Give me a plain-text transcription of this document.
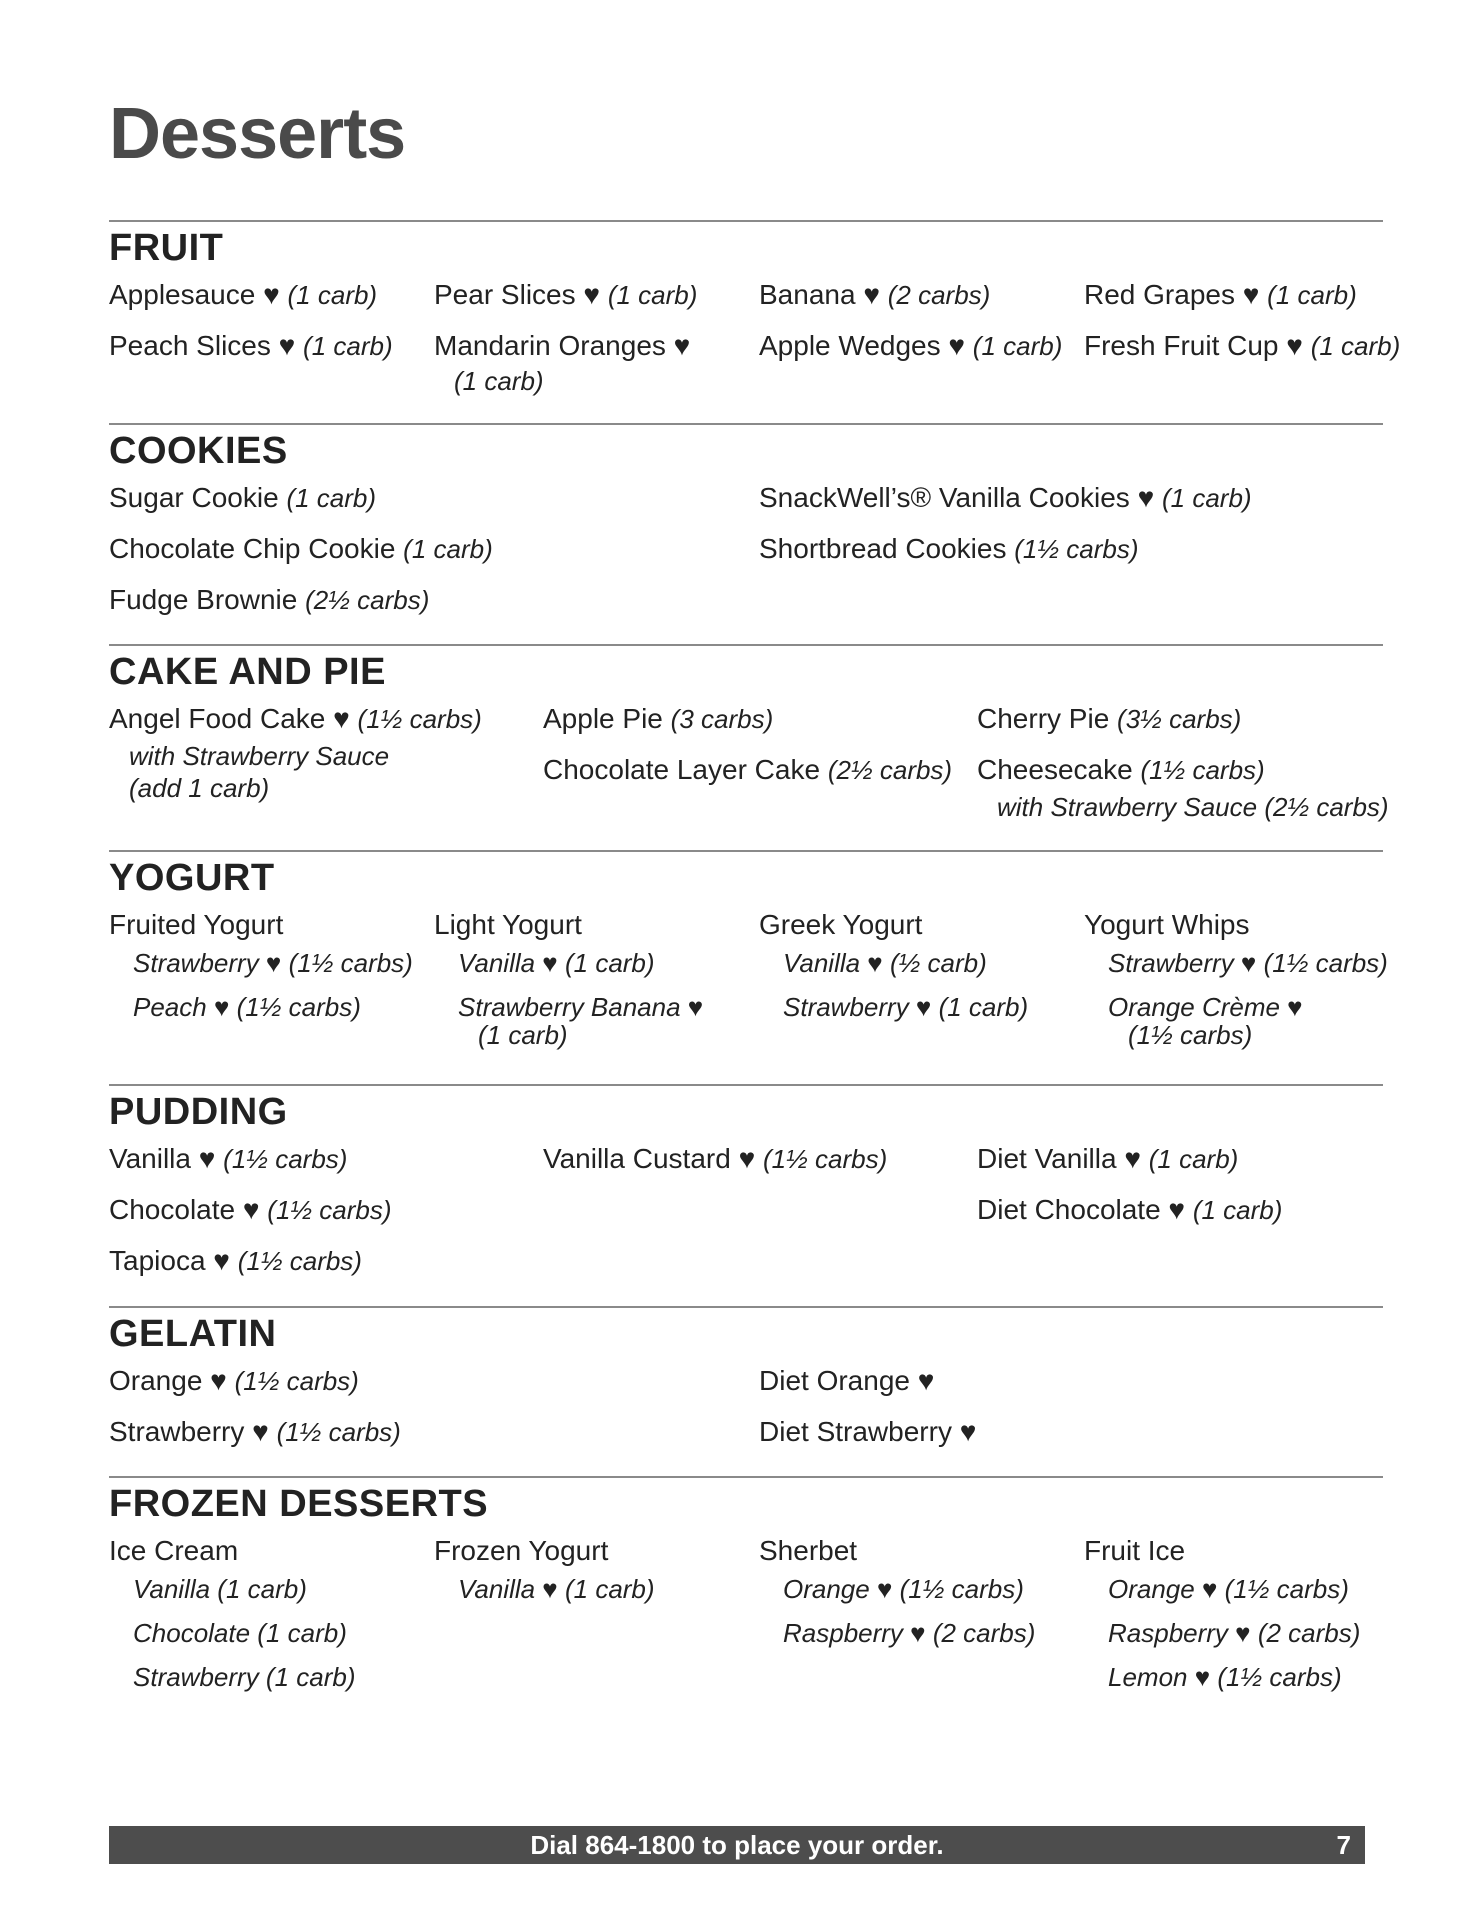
Desserts
FRUIT
Applesauce ♥ (1 carb)
Peach Slices ♥ (1 carb)
Pear Slices ♥ (1 carb)
Mandarin Oranges ♥
(1 carb)
Banana ♥ (2 carbs)
Apple Wedges ♥ (1 carb)
Red Grapes ♥ (1 carb)
Fresh Fruit Cup ♥ (1 carb)
COOKIES
Sugar Cookie (1 carb)
Chocolate Chip Cookie (1 carb)
Fudge Brownie (2½ carbs)
SnackWell’s® Vanilla Cookies ♥ (1 carb)
Shortbread Cookies (1½ carbs)
CAKE AND PIE
Angel Food Cake ♥ (1½ carbs)
with Strawberry Sauce
(add 1 carb)
Apple Pie (3 carbs)
Chocolate Layer Cake (2½ carbs)
Cherry Pie (3½ carbs)
Cheesecake (1½ carbs)
with Strawberry Sauce (2½ carbs)
YOGURT
Fruited Yogurt
Strawberry ♥ (1½ carbs)
Peach ♥ (1½ carbs)
Light Yogurt
Vanilla ♥ (1 carb)
Strawberry Banana ♥
(1 carb)
Greek Yogurt
Vanilla ♥ (½ carb)
Strawberry ♥ (1 carb)
Yogurt Whips
Strawberry ♥ (1½ carbs)
Orange Crème ♥
(1½ carbs)
PUDDING
Vanilla ♥ (1½ carbs)
Chocolate ♥ (1½ carbs)
Tapioca ♥ (1½ carbs)
Vanilla Custard ♥ (1½ carbs)	Diet Vanilla ♥ (1 carb)
Diet Chocolate ♥ (1 carb)
GELATIN
Orange ♥ (1½ carbs)
Strawberry ♥ (1½ carbs)
Diet Orange ♥
Diet Strawberry ♥
FROZEN DESSERTS
Ice Cream
Vanilla (1 carb)
Chocolate (1 carb)
Strawberry (1 carb)
Frozen Yogurt
Vanilla ♥ (1 carb)
Sherbet
Orange ♥ (1½ carbs)
Raspberry ♥ (2 carbs)
Fruit Ice
Orange ♥ (1½ carbs)
Raspberry ♥ (2 carbs)
Lemon ♥ (1½ carbs)
Dial 864-1800 to place your order.	7
